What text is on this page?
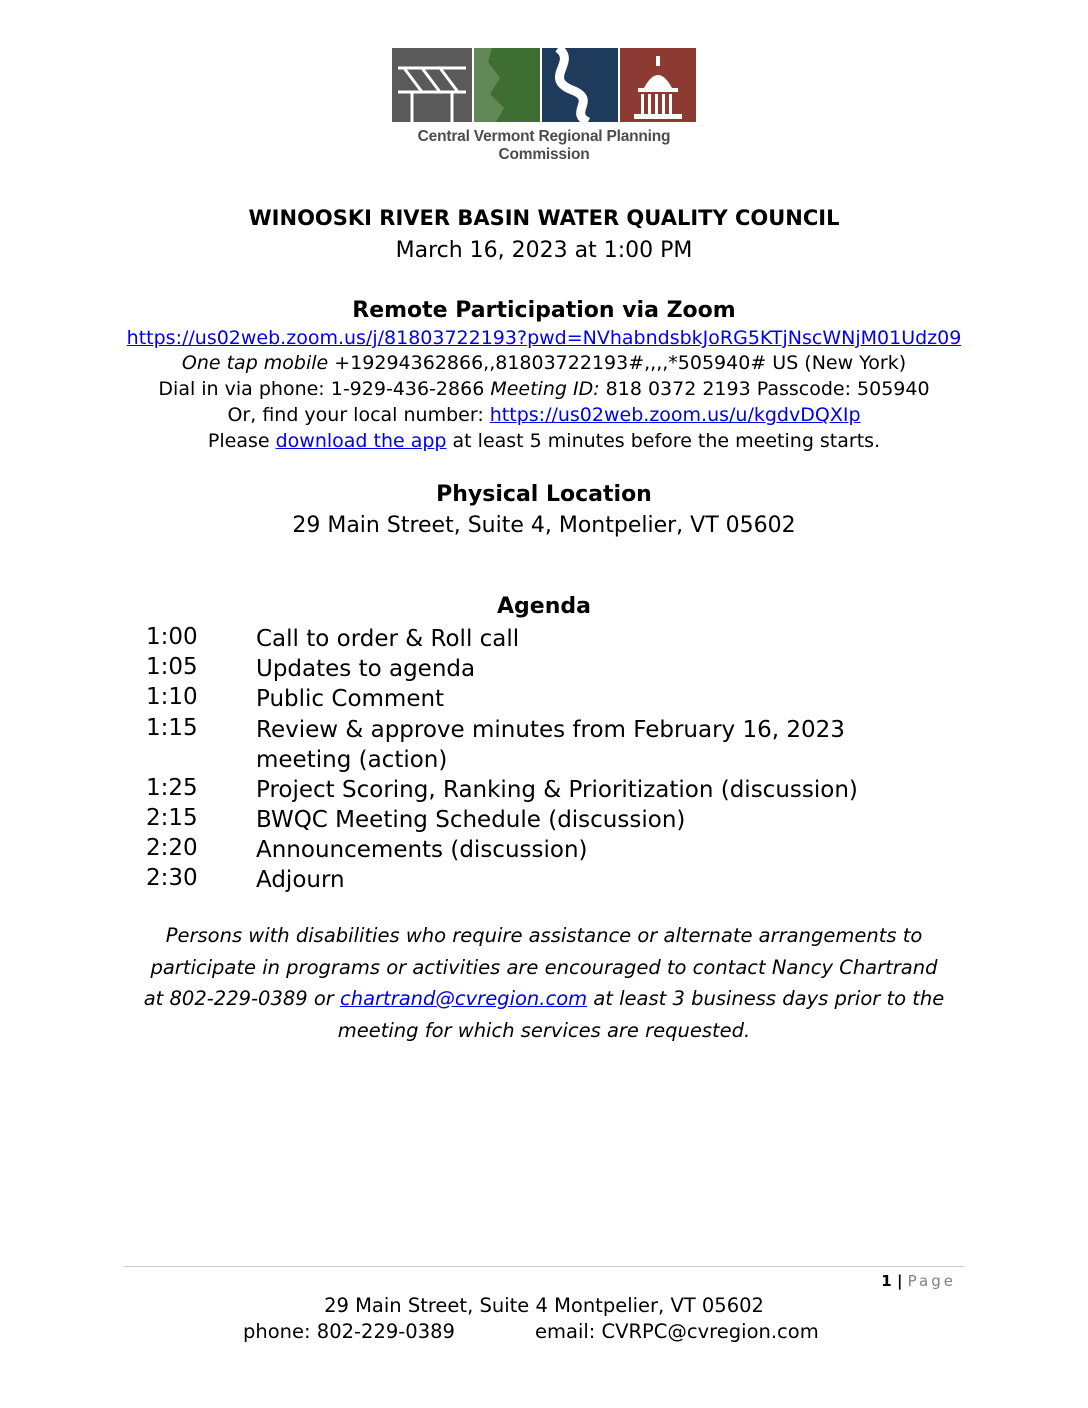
Central Vermont Regional Planning Commission
WINOOSKI RIVER BASIN WATER QUALITY COUNCIL
March 16, 2023 at 1:00 PM
Remote Participation via Zoom
https://us02web.zoom.us/j/81803722193?pwd=NVhabndsbkJoRG5KTjNscWNjM01Udz09
One tap mobile +19294362866,,81803722193#,,,,*505940# US (New York)
Dial in via phone: 1-929-436-2866 Meeting ID: 818 0372 2193 Passcode: 505940
Or, find your local number: https://us02web.zoom.us/u/kgdvDQXIp
Please download the app at least 5 minutes before the meeting starts.
Physical Location
29 Main Street, Suite 4, Montpelier, VT 05602
Agenda
1:00	Call to order & Roll call
1:05	Updates to agenda
1:10	Public Comment
1:15	Review & approve minutes from February 16, 2023 meeting (action)
1:25	Project Scoring, Ranking & Prioritization (discussion)
2:15	BWQC Meeting Schedule (discussion)
2:20	Announcements (discussion)
2:30	Adjourn
Persons with disabilities who require assistance or alternate arrangements to
participate in programs or activities are encouraged to contact Nancy Chartrand
at 802-229-0389 or chartrand@cvregion.com at least 3 business days prior to the
meeting for which services are requested.
1 | Page
29 Main Street, Suite 4 Montpelier, VT 05602
phone: 802-229-0389	email: CVRPC@cvregion.com
